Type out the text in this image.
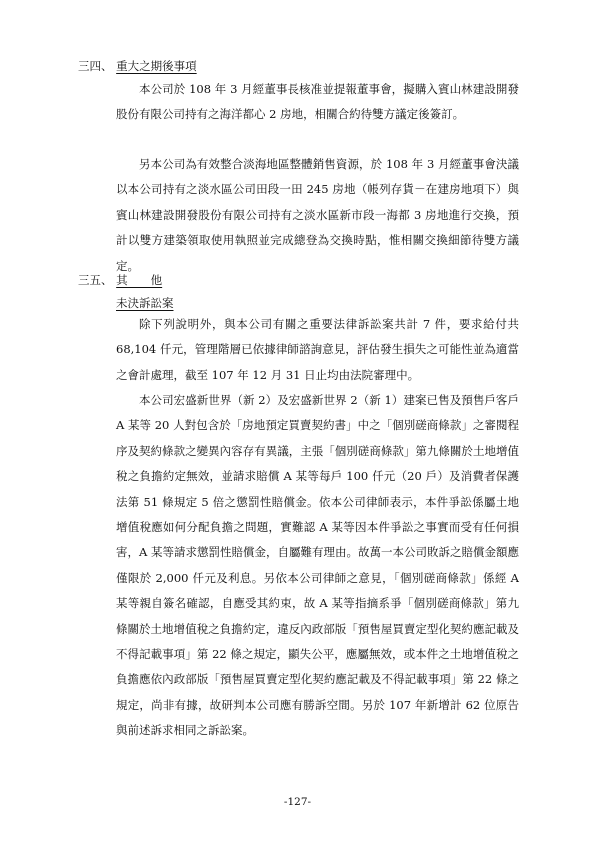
三四、 重大之期後事項

本公司於 108 年 3 月經董事長核准並提報董事會，擬購入賓山林建設開發股份有限公司持有之海洋都心 2 房地，相關合約待雙方議定後簽訂。

另本公司為有效整合淡海地區整體銷售資源，於 108 年 3 月經董事會決議以本公司持有之淡水區公司田段一田 245 房地（帳列存貨－在建房地項下）與賓山林建設開發股份有限公司持有之淡水區新市段一海都 3 房地進行交換，預計以雙方建築領取使用執照並完成總登為交換時點，惟相關交換細節待雙方議定。

三五、 其　　他
未決訴訟案

除下列說明外，與本公司有關之重要法律訴訟案共計 7 件，要求給付共 68,104 仟元，管理階層已依據律師諮詢意見，評估發生損失之可能性並為適當之會計處理，截至 107 年 12 月 31 日止均由法院審理中。

本公司宏盛新世界（新 2）及宏盛新世界 2（新 1）建案已售及預售戶客戶 A 某等 20 人對包含於「房地預定買賣契約書」中之「個別磋商條款」之審閱程序及契約條款之變異內容存有異議，主張「個別磋商條款」第九條關於土地增值稅之負擔約定無效，並請求賠償 A 某等每戶 100 仟元（20 戶）及消費者保護法第 51 條規定 5 倍之懲罰性賠償金。依本公司律師表示，本件爭訟係屬土地增值稅應如何分配負擔之問題，實難認 A 某等因本件爭訟之事實而受有任何損害，A 某等請求懲罰性賠償金，自屬難有理由。故萬一本公司敗訴之賠償金額應僅限於 2,000 仟元及利息。另依本公司律師之意見，「個別磋商條款」係經 A 某等親自簽名確認，自應受其約束，故 A 某等指摘系爭「個別磋商條款」第九條關於土地增值稅之負擔約定，違反內政部版「預售屋買賣定型化契約應記載及不得記載事項」第 22 條之規定，顯失公平，應屬無效，或本件之土地增值稅之負擔應依內政部版「預售屋買賣定型化契約應記載及不得記載事項」第 22 條之規定，尚非有據，故研判本公司應有勝訴空間。另於 107 年新增計 62 位原告與前述訴求相同之訴訟案。

-127-
